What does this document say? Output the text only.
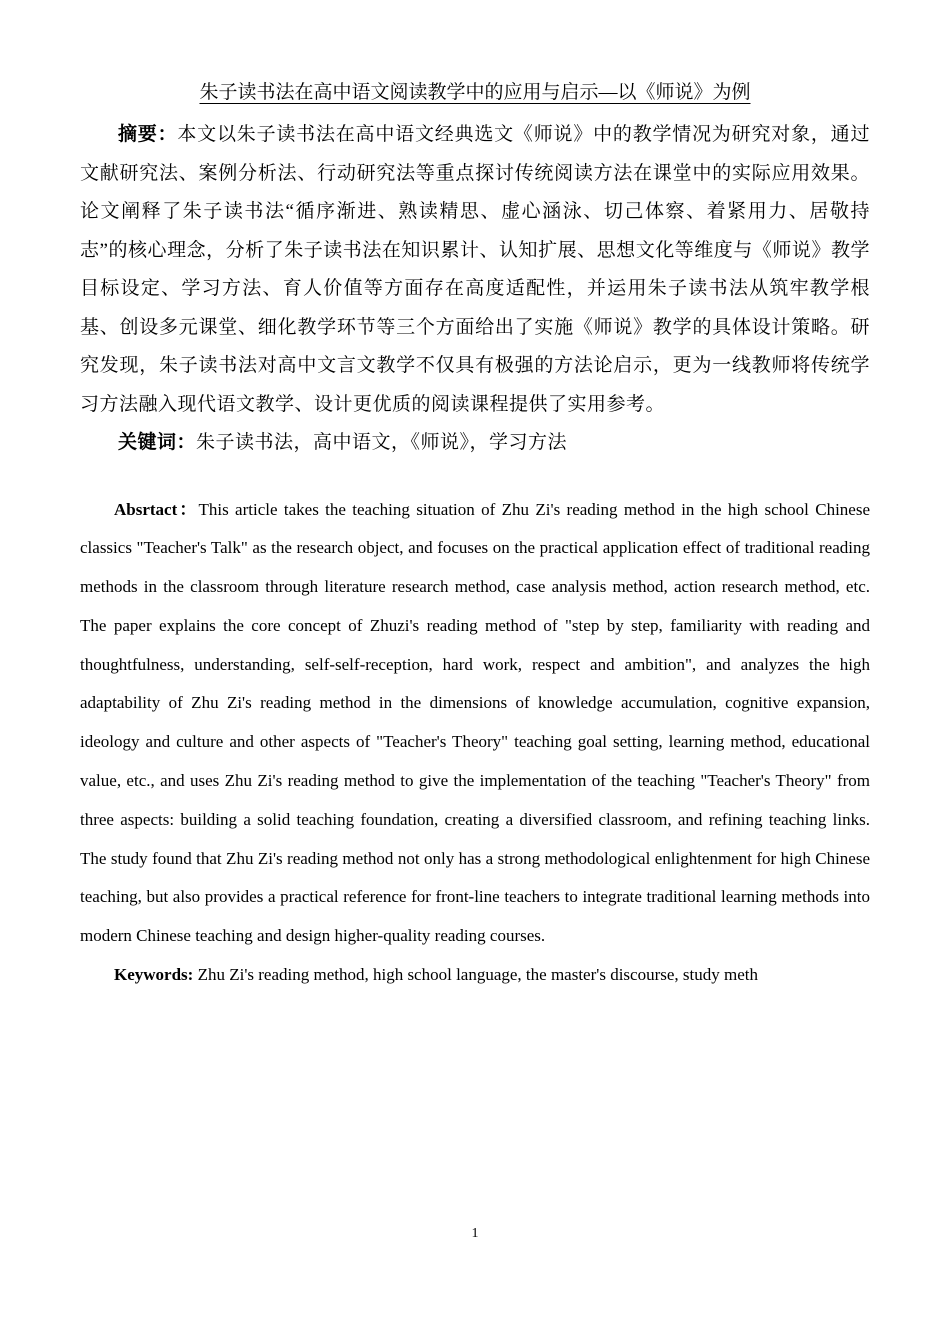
朱子读书法在高中语文阅读教学中的应用与启示—以《师说》为例

摘要：本文以朱子读书法在高中语文经典选文《师说》中的教学情况为研究对象，通过文献研究法、案例分析法、行动研究法等重点探讨传统阅读方法在课堂中的实际应用效果。论文阐释了朱子读书法“循序渐进、熟读精思、虚心涵泳、切己体察、着紧用力、居敬持志”的核心理念，分析了朱子读书法在知识累计、认知扩展、思想文化等维度与《师说》教学目标设定、学习方法、育人价值等方面存在高度适配性，并运用朱子读书法从筑牢教学根基、创设多元课堂、细化教学环节等三个方面给出了实施《师说》教学的具体设计策略。研究发现，朱子读书法对高中文言文教学不仅具有极强的方法论启示，更为一线教师将传统学习方法融入现代语文教学、设计更优质的阅读课程提供了实用参考。

关键词：朱子读书法，高中语文，《师说》，学习方法

Absrtact：This article takes the teaching situation of Zhu Zi's reading method in the high school Chinese classics "Teacher's Talk" as the research object, and focuses on the practical application effect of traditional reading methods in the classroom through literature research method, case analysis method, action research method, etc. The paper explains the core concept of Zhuzi's reading method of "step by step, familiarity with reading and thoughtfulness, understanding, self-self-reception, hard work, respect and ambition", and analyzes the high adaptability of Zhu Zi's reading method in the dimensions of knowledge accumulation, cognitive expansion, ideology and culture and other aspects of "Teacher's Theory" teaching goal setting, learning method, educational value, etc., and uses Zhu Zi's reading method to give the implementation of the teaching "Teacher's Theory" from three aspects: building a solid teaching foundation, creating a diversified classroom, and refining teaching links. The study found that Zhu Zi's reading method not only has a strong methodological enlightenment for high Chinese teaching, but also provides a practical reference for front-line teachers to integrate traditional learning methods into modern Chinese teaching and design higher-quality reading courses.

Keywords: Zhu Zi's reading method, high school language, the master's discourse, study meth

1
